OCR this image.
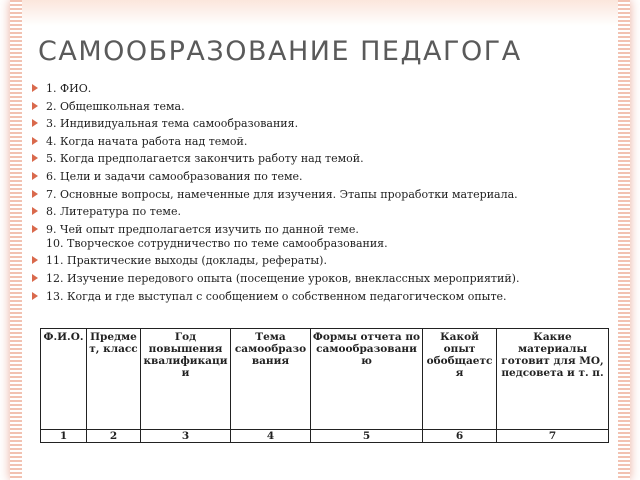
САМООБРАЗОВАНИЕ ПЕДАГОГА
1. ФИО.
2. Общешкольная тема.
3. Индивидуальная тема самообразования.
4. Когда начата работа над темой.
5. Когда предполагается закончить работу над темой.
6. Цели и задачи самообразования по теме.
7. Основные вопросы, намеченные для изучения. Этапы проработки материала.
8. Литература по теме.
9. Чей опыт предполагается изучить по данной теме.
10. Творческое сотрудничество по теме самообразования.
11. Практические выходы (доклады, рефераты).
12. Изучение передового опыта (посещение уроков, внеклассных мероприятий).
13. Когда и где выступал с сообщением о собственном педагогическом опыте.
Ф.И.О.	Предмет, класс	Год повышения квалификации	Тема самообразования	Формы отчета по самообразованию	Какой опыт обобщается	Какие материалы готовит для МО, педсовета и т. п.
1	2	3	4	5	6	7
